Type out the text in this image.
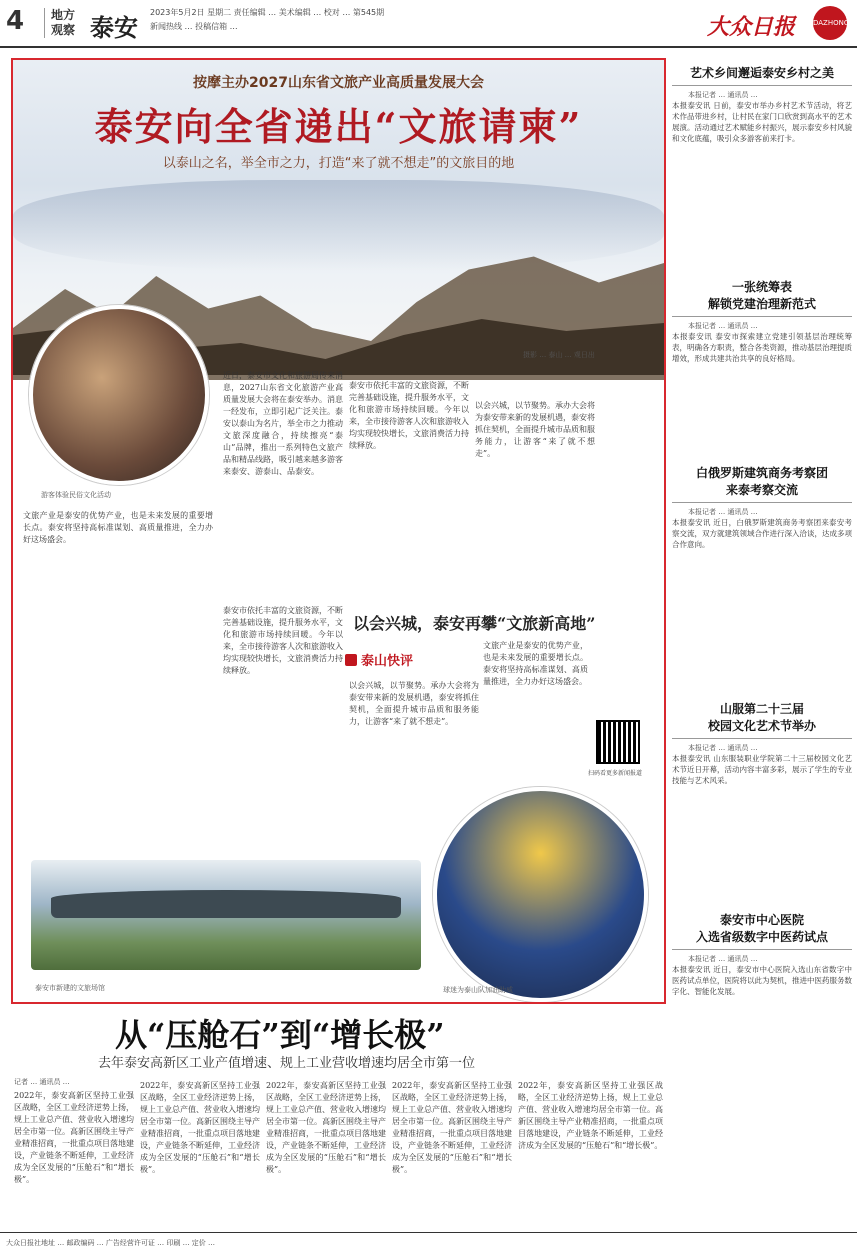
4	地方观察 泰安
2023年5月2日 星期二 责任编辑 … 美术编辑 … 校对 … 第545期
新闻热线 … 投稿信箱 …	大众日报	DAZHONG
按摩主办2027山东省文旅产业高质量发展大会
泰安向全省递出“文旅请柬”
以泰山之名，举全市之力，打造“来了就不想走”的文旅目的地
摄影 … 泰山 … 观日出
游客体验民俗文化活动
近日，泰安市文化和旅游局传来消息，2027山东省文化旅游产业高质量发展大会将在泰安举办。消息一经发布，立即引起广泛关注。泰安以泰山为名片，举全市之力推动文旅深度融合，持续擦亮“泰山”品牌，推出一系列特色文旅产品和精品线路，吸引越来越多游客来泰安、游泰山、品泰安。
泰安市依托丰富的文旅资源，不断完善基础设施，提升服务水平，文化和旅游市场持续回暖。今年以来，全市接待游客人次和旅游收入均实现较快增长，文旅消费活力持续释放。
以会兴城，以节聚势。承办大会将为泰安带来新的发展机遇，泰安将抓住契机，全面提升城市品质和服务能力，让游客“来了就不想走”。
文旅产业是泰安的优势产业，也是未来发展的重要增长点。泰安将坚持高标准谋划、高质量推进，全力办好这场盛会。
泰安市依托丰富的文旅资源，不断完善基础设施，提升服务水平，文化和旅游市场持续回暖。今年以来，全市接待游客人次和旅游收入均实现较快增长，文旅消费活力持续释放。
以会兴城，泰安再攀“文旅新高地”
泰山快评
以会兴城，以节聚势。承办大会将为泰安带来新的发展机遇，泰安将抓住契机，全面提升城市品质和服务能力，让游客“来了就不想走”。
文旅产业是泰安的优势产业，也是未来发展的重要增长点。泰安将坚持高标准谋划、高质量推进，全力办好这场盛会。
扫码看更多新闻报道
泰安市新建的文旅场馆	球迷为泰山队加油助威
从“压舱石”到“增长极”
去年泰安高新区工业产值增速、规上工业营收增速均居全市第一位
记者 … 通讯员 …
2022年，泰安高新区坚持工业强区战略，全区工业经济逆势上扬，规上工业总产值、营业收入增速均居全市第一位。高新区围绕主导产业精准招商，一批重点项目落地建设，产业链条不断延伸，工业经济成为全区发展的“压舱石”和“增长极”。
2022年，泰安高新区坚持工业强区战略，全区工业经济逆势上扬，规上工业总产值、营业收入增速均居全市第一位。高新区围绕主导产业精准招商，一批重点项目落地建设，产业链条不断延伸，工业经济成为全区发展的“压舱石”和“增长极”。
2022年，泰安高新区坚持工业强区战略，全区工业经济逆势上扬，规上工业总产值、营业收入增速均居全市第一位。高新区围绕主导产业精准招商，一批重点项目落地建设，产业链条不断延伸，工业经济成为全区发展的“压舱石”和“增长极”。
2022年，泰安高新区坚持工业强区战略，全区工业经济逆势上扬，规上工业总产值、营业收入增速均居全市第一位。高新区围绕主导产业精准招商，一批重点项目落地建设，产业链条不断延伸，工业经济成为全区发展的“压舱石”和“增长极”。
2022年，泰安高新区坚持工业强区战略，全区工业经济逆势上扬，规上工业总产值、营业收入增速均居全市第一位。高新区围绕主导产业精准招商，一批重点项目落地建设，产业链条不断延伸，工业经济成为全区发展的“压舱石”和“增长极”。
艺术乡间邂逅泰安乡村之美
本报记者 … 通讯员 …
本报泰安讯 日前，泰安市举办乡村艺术节活动，将艺术作品带进乡村，让村民在家门口欣赏到高水平的艺术展演。活动通过艺术赋能乡村振兴，展示泰安乡村风貌和文化底蕴，吸引众多游客前来打卡。
一张统筹表
解锁党建治理新范式
本报记者 … 通讯员 …
本报泰安讯 泰安市探索建立党建引领基层治理统筹表，明确各方职责，整合各类资源，推动基层治理提质增效，形成共建共治共享的良好格局。
白俄罗斯建筑商务考察团
来泰考察交流
本报记者 … 通讯员 …
本报泰安讯 近日，白俄罗斯建筑商务考察团来泰安考察交流，双方就建筑领域合作进行深入洽谈，达成多项合作意向。
山服第二十三届
校园文化艺术节举办
本报记者 … 通讯员 …
本报泰安讯 山东服装职业学院第二十三届校园文化艺术节近日开幕，活动内容丰富多彩，展示了学生的专业技能与艺术风采。
泰安市中心医院
入选省级数字中医药试点
本报记者 … 通讯员 …
本报泰安讯 近日，泰安市中心医院入选山东省数字中医药试点单位，医院将以此为契机，推进中医药服务数字化、智能化发展。
大众日报社地址 … 邮政编码 … 广告经营许可证 … 印刷 … 定价 …
